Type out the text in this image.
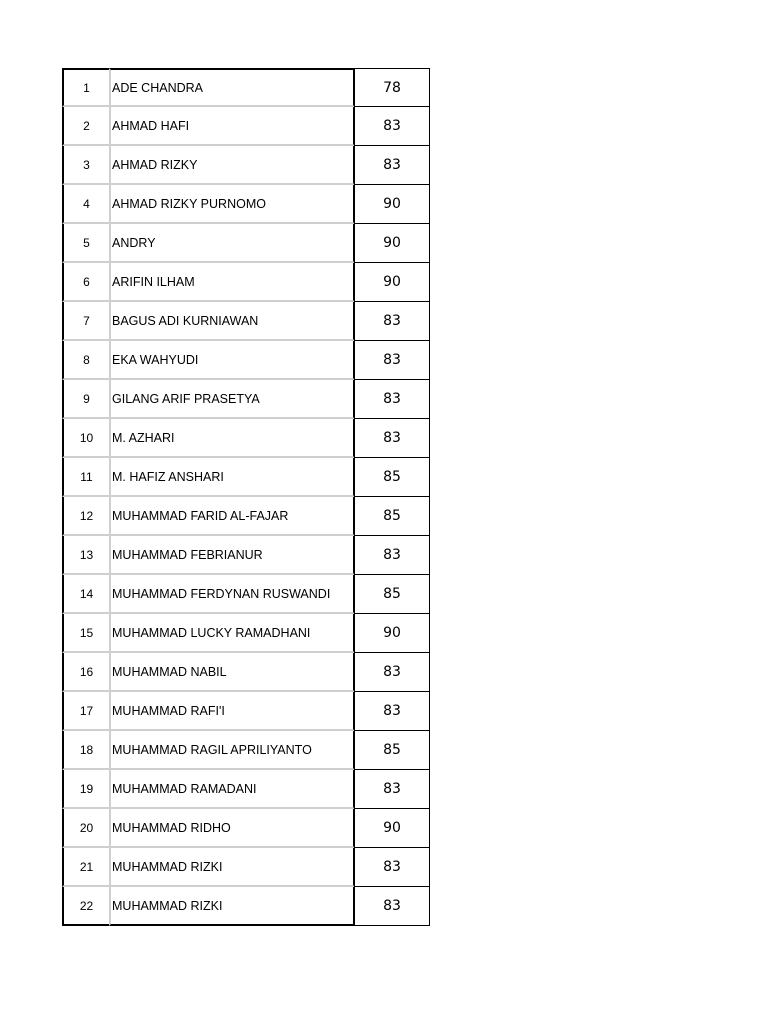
1	ADE CHANDRA	78
2	AHMAD HAFI	83
3	AHMAD RIZKY	83
4	AHMAD RIZKY PURNOMO	90
5	ANDRY	90
6	ARIFIN ILHAM	90
7	BAGUS ADI KURNIAWAN	83
8	EKA WAHYUDI	83
9	GILANG ARIF PRASETYA	83
10	M. AZHARI	83
11	M. HAFIZ ANSHARI	85
12	MUHAMMAD FARID AL-FAJAR	85
13	MUHAMMAD FEBRIANUR	83
14	MUHAMMAD FERDYNAN RUSWANDI	85
15	MUHAMMAD LUCKY RAMADHANI	90
16	MUHAMMAD NABIL	83
17	MUHAMMAD RAFI'I	83
18	MUHAMMAD RAGIL APRILIYANTO	85
19	MUHAMMAD RAMADANI	83
20	MUHAMMAD RIDHO	90
21	MUHAMMAD RIZKI	83
22	MUHAMMAD RIZKI	83
